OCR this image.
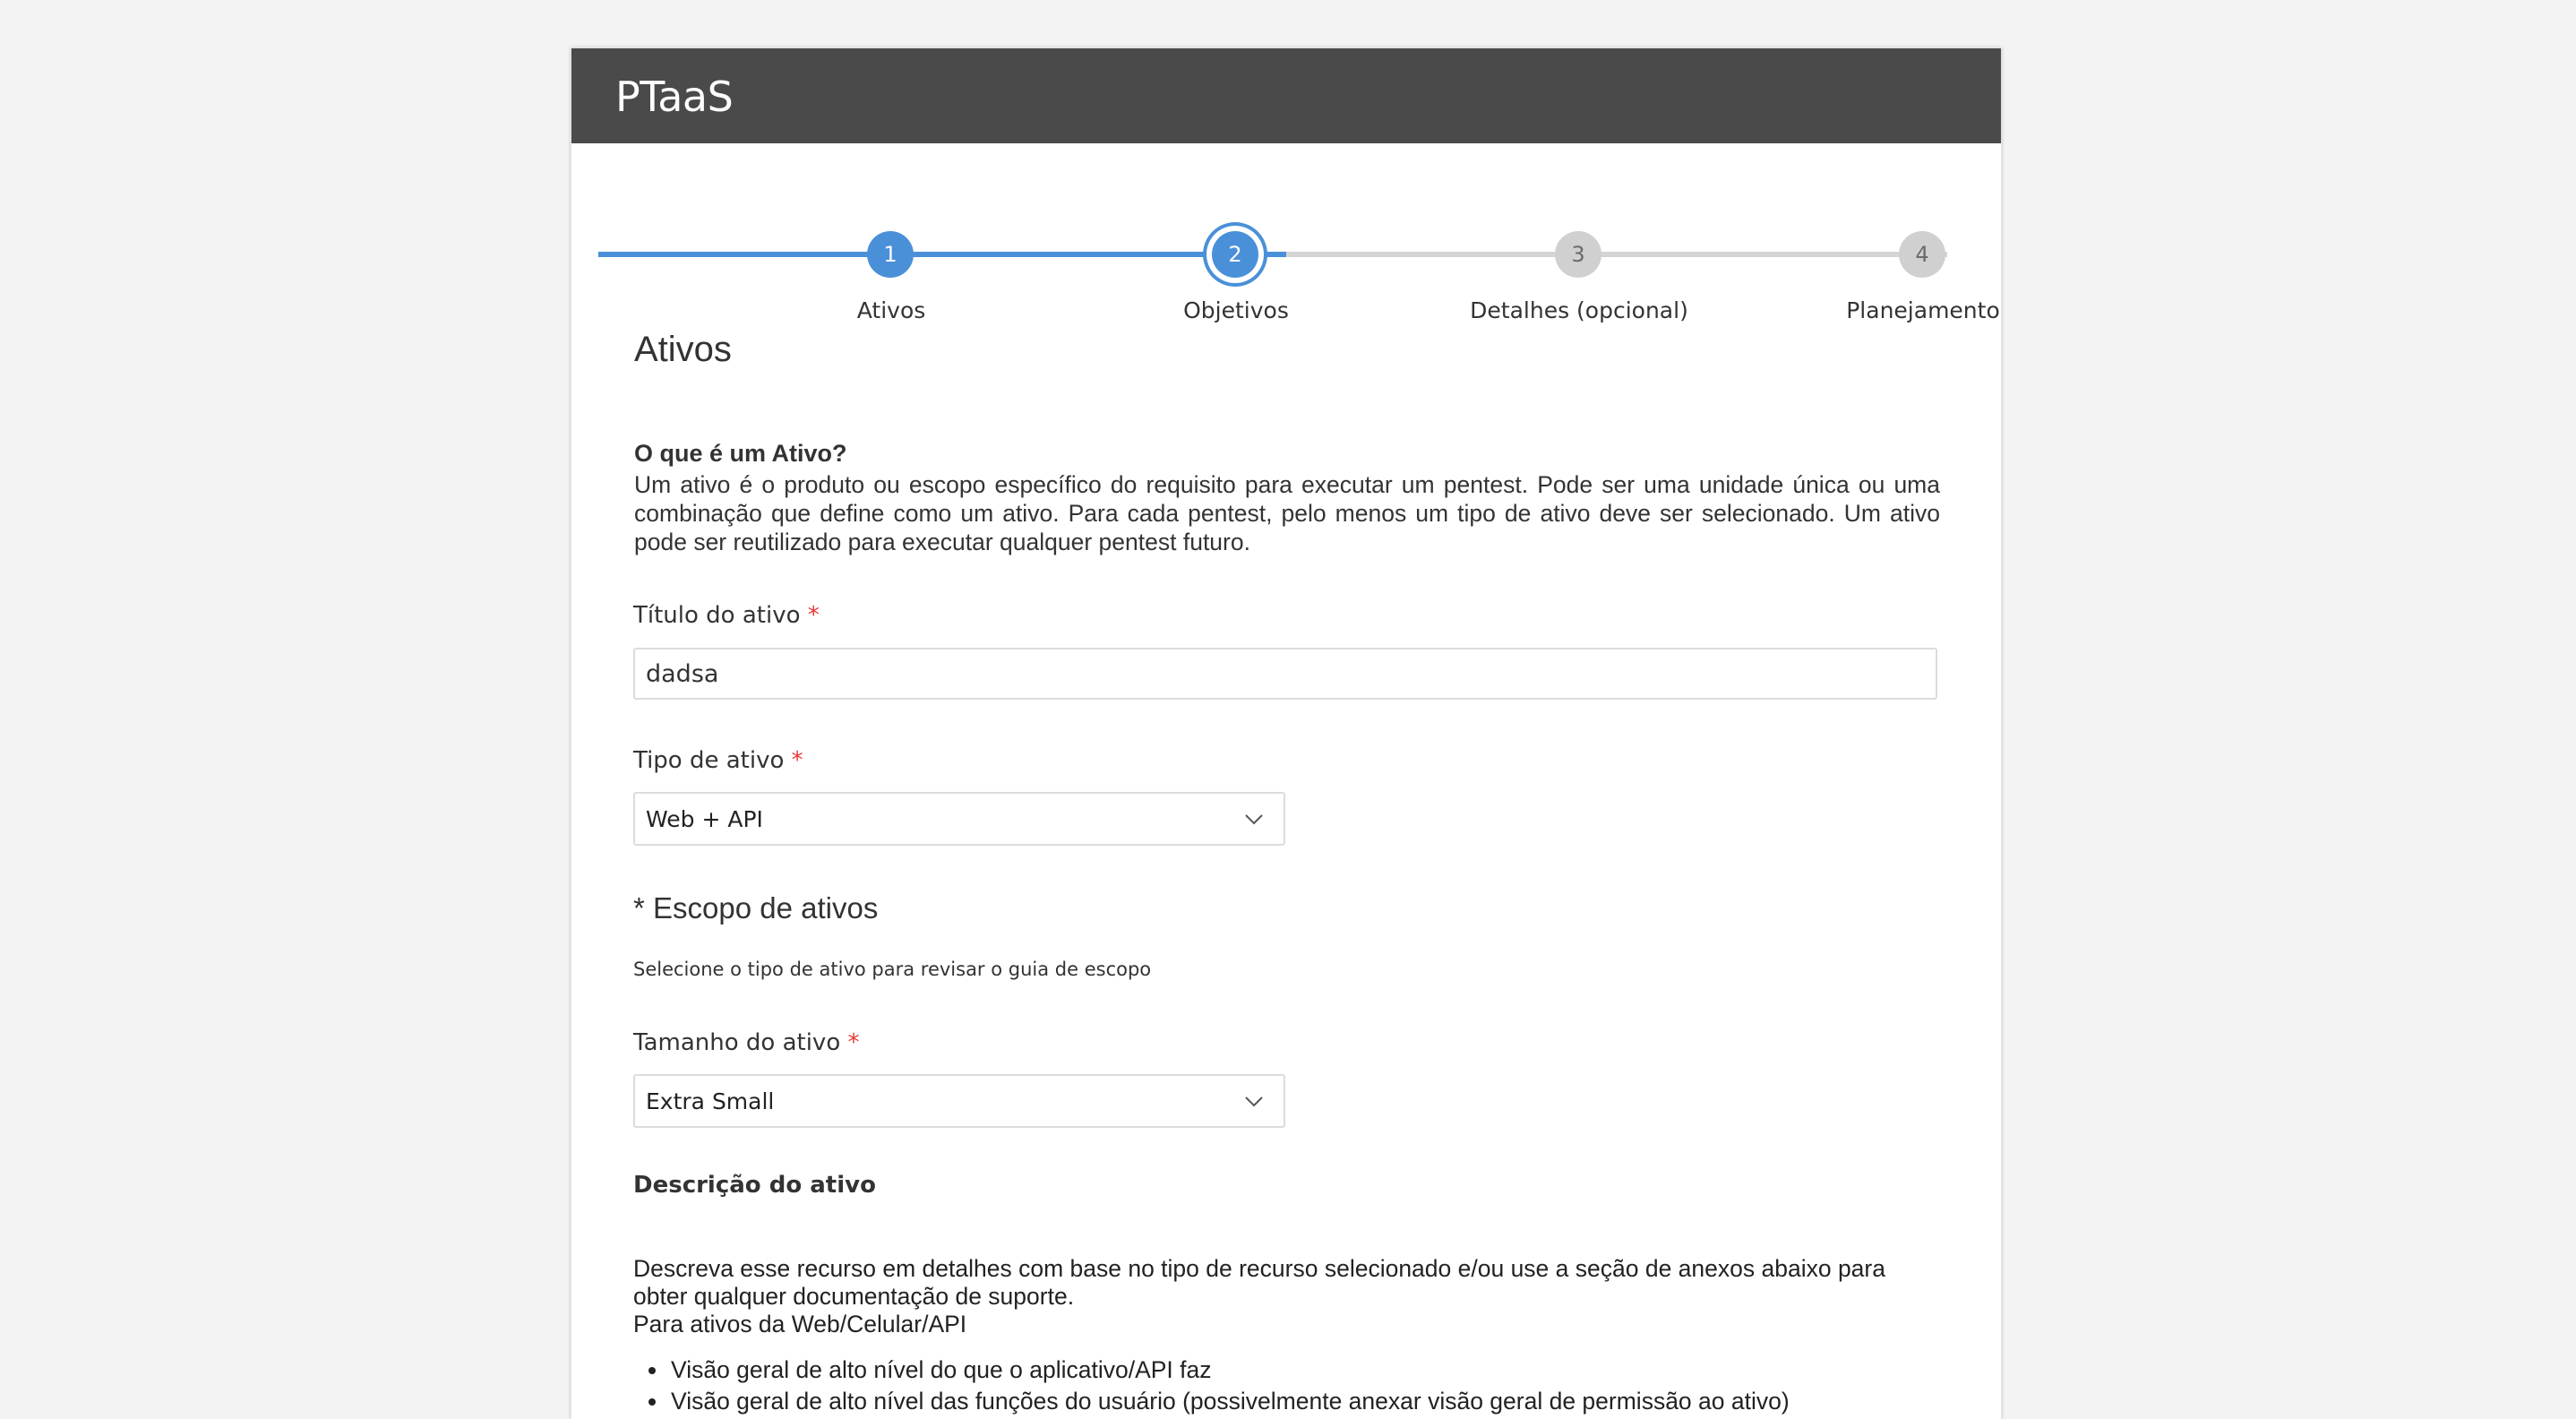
PTaaS
1
Ativos
2
Objetivos
3
Detalhes (opcional)
4
Planejamento
Ativos
O que é um Ativo?
Um ativo é o produto ou escopo específico do requisito para executar um pentest. Pode ser uma unidade única ou uma combinação que define como um ativo. Para cada pentest, pelo menos um tipo de ativo deve ser selecionado. Um ativo pode ser reutilizado para executar qualquer pentest futuro.
Título do ativo *
dadsa
Tipo de ativo *
Web + API
* Escopo de ativos
Selecione o tipo de ativo para revisar o guia de escopo
Tamanho do ativo *
Extra Small
Descrição do ativo
Descreva esse recurso em detalhes com base no tipo de recurso selecionado e/ou use a seção de anexos abaixo para obter qualquer documentação de suporte.
Para ativos da Web/Celular/API
• Visão geral de alto nível do que o aplicativo/API faz
• Visão geral de alto nível das funções do usuário (possivelmente anexar visão geral de permissão ao ativo)
